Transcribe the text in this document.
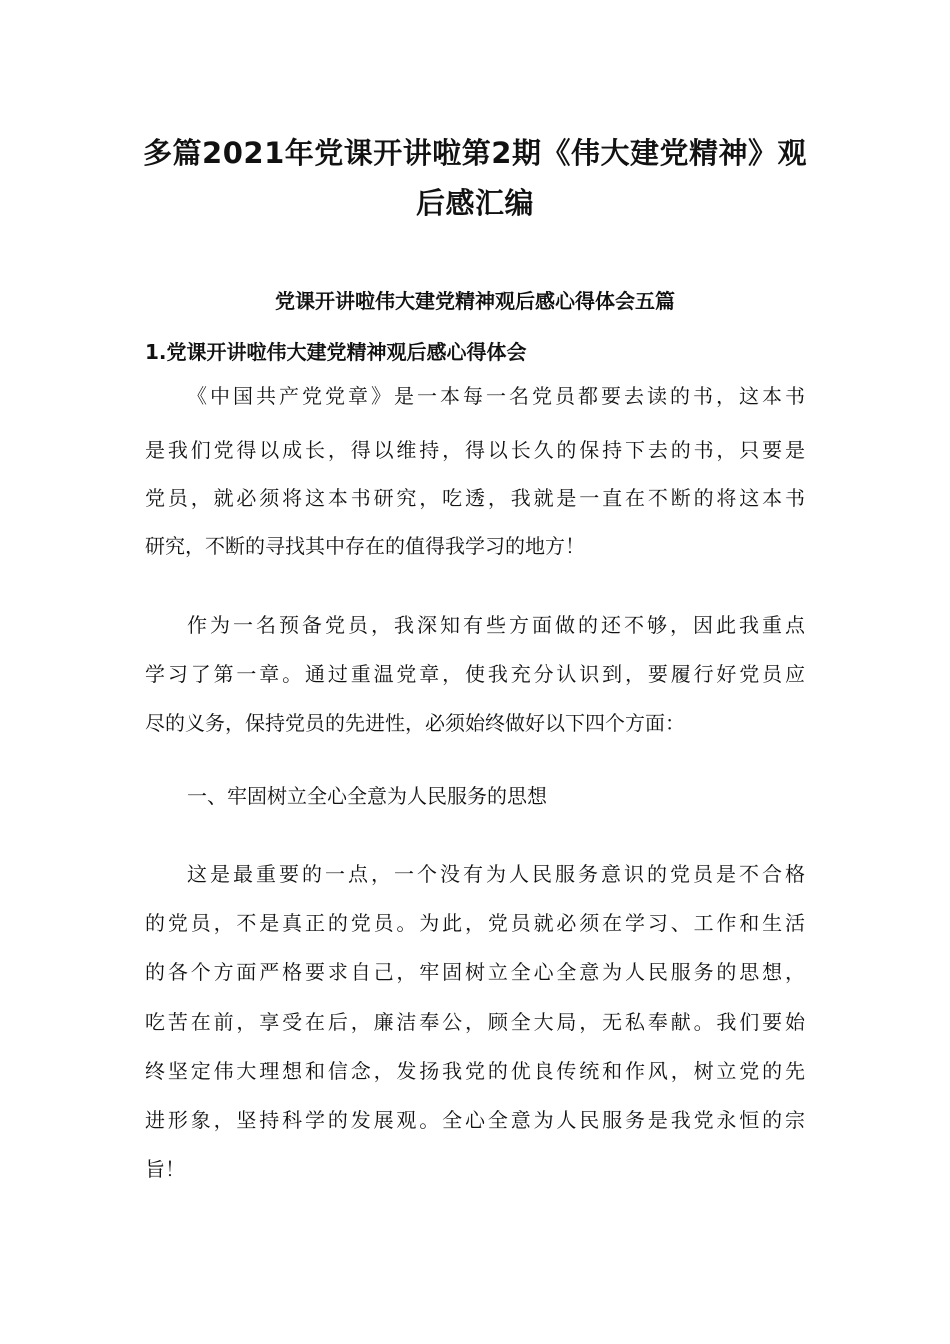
多篇2021年党课开讲啦第2期《伟大建党精神》观
后感汇编
党课开讲啦伟大建党精神观后感心得体会五篇
1.党课开讲啦伟大建党精神观后感心得体会

《中国共产党党章》是一本每一名党员都要去读的书，这本书

是我们党得以成长，得以维持，得以长久的保持下去的书，只要是

党员，就必须将这本书研究，吃透，我就是一直在不断的将这本书

研究，不断的寻找其中存在的值得我学习的地方！

作为一名预备党员，我深知有些方面做的还不够，因此我重点

学习了第一章。通过重温党章，使我充分认识到，要履行好党员应

尽的义务，保持党员的先进性，必须始终做好以下四个方面：

一、牢固树立全心全意为人民服务的思想

这是最重要的一点，一个没有为人民服务意识的党员是不合格

的党员，不是真正的党员。为此，党员就必须在学习、工作和生活

的各个方面严格要求自己，牢固树立全心全意为人民服务的思想，

吃苦在前，享受在后，廉洁奉公，顾全大局，无私奉献。我们要始

终坚定伟大理想和信念，发扬我党的优良传统和作风，树立党的先

进形象，坚持科学的发展观。全心全意为人民服务是我党永恒的宗

旨！
